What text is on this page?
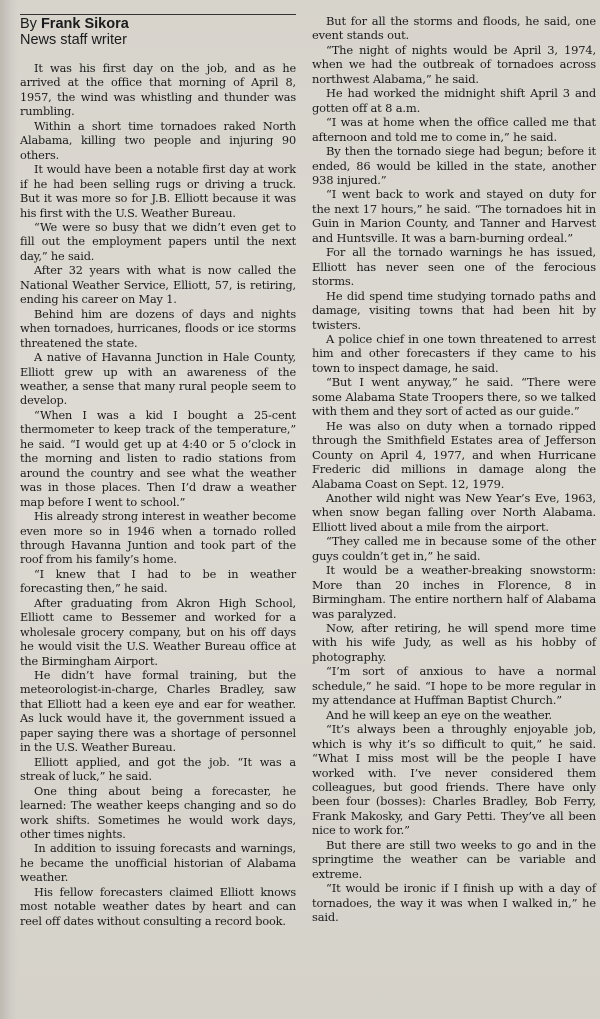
By Frank Sikora
News staff writer

It was his first day on the job, and as he arrived at the office that morning of April 8, 1957, the wind was whistling and thunder was rumbling.

Within a short time tornadoes raked North Alabama, killing two people and injuring 90 others.

It would have been a notable first day at work if he had been selling rugs or driving a truck. But it was more so for J.B. Elliott because it was his first with the U.S. Weather Bureau.

“We were so busy that we didn’t even get to fill out the employment papers until the next day,” he said.

After 32 years with what is now called the National Weather Service, Elliott, 57, is retiring, ending his career on May 1.

Behind him are dozens of days and nights when tornadoes, hurricanes, floods or ice storms threatened the state.

A native of Havanna Junction in Hale County, Elliott grew up with an awareness of the weather, a sense that many rural people seem to develop.

“When I was a kid I bought a 25-cent thermometer to keep track of the temperature,” he said. “I would get up at 4:40 or 5 o’clock in the morning and listen to radio stations from around the country and see what the weather was in those places. Then I’d draw a weather map before I went to school.”

His already strong interest in weather become even more so in 1946 when a tornado rolled through Havanna Juntion and took part of the roof from his family’s home.

“I knew that I had to be in weather forecasting then,” he said.

After graduating from Akron High School, Elliott came to Bessemer and worked for a wholesale grocery company, but on his off days he would visit the U.S. Weather Bureau office at the Birmingham Airport.

He didn’t have formal training, but the meteorologist-in-charge, Charles Bradley, saw that Elliott had a keen eye and ear for weather. As luck would have it, the government issued a paper saying there was a shortage of personnel in the U.S. Weather Bureau.

Elliott applied, and got the job. “It was a streak of luck,” he said.

One thing about being a forecaster, he learned: The weather keeps changing and so do work shifts. Sometimes he would work days, other times nights.

In addition to issuing forecasts and warnings, he became the unofficial historian of Alabama weather.

His fellow forecasters claimed Elliott knows most notable weather dates by heart and can reel off dates without consulting a record book.

But for all the storms and floods, he said, one event stands out.

“The night of nights would be April 3, 1974, when we had the outbreak of tornadoes across northwest Alabama,” he said.

He had worked the midnight shift April 3 and gotten off at 8 a.m.

“I was at home when the office called me that afternoon and told me to come in,” he said.

By then the tornado siege had begun; before it ended, 86 would be killed in the state, another 938 injured.”

“I went back to work and stayed on duty for the next 17 hours,” he said. “The tornadoes hit in Guin in Marion County, and Tanner and Harvest and Huntsville. It was a barn-burning ordeal.”

For all the tornado warnings he has issued, Elliott has never seen one of the ferocious storms.

He did spend time studying tornado paths and damage, visiting towns that had been hit by twisters.

A police chief in one town threatened to arrest him and other forecasters if they came to his town to inspect damage, he said.

“But I went anyway,” he said. “There were some Alabama State Troopers there, so we talked with them and they sort of acted as our guide.”

He was also on duty when a tornado ripped through the Smithfield Estates area of Jefferson County on April 4, 1977, and when Hurricane Frederic did millions in damage along the Alabama Coast on Sept. 12, 1979.

Another wild night was New Year’s Eve, 1963, when snow began falling over North Alabama. Elliott lived about a mile from the airport.

“They called me in because some of the other guys couldn’t get in,” he said.

It would be a weather-breaking snowstorm: More than 20 inches in Florence, 8 in Birmingham. The entire northern half of Alabama was paralyzed.

Now, after retiring, he will spend more time with his wife Judy, as well as his hobby of photography.

“I’m sort of anxious to have a normal schedule,” he said. “I hope to be more regular in my attendance at Huffman Baptist Church.”

And he will keep an eye on the weather.

“It’s always been a throughly enjoyable job, which is why it’s so difficult to quit,” he said. “What I miss most will be the people I have worked with. I’ve never considered them colleagues, but good friends. There have only been four (bosses): Charles Bradley, Bob Ferry, Frank Makosky, and Gary Petti. They’ve all been nice to work for.”

But there are still two weeks to go and in the springtime the weather can be variable and extreme.

“It would be ironic if I finish up with a day of tornadoes, the way it was when I walked in,” he said.
